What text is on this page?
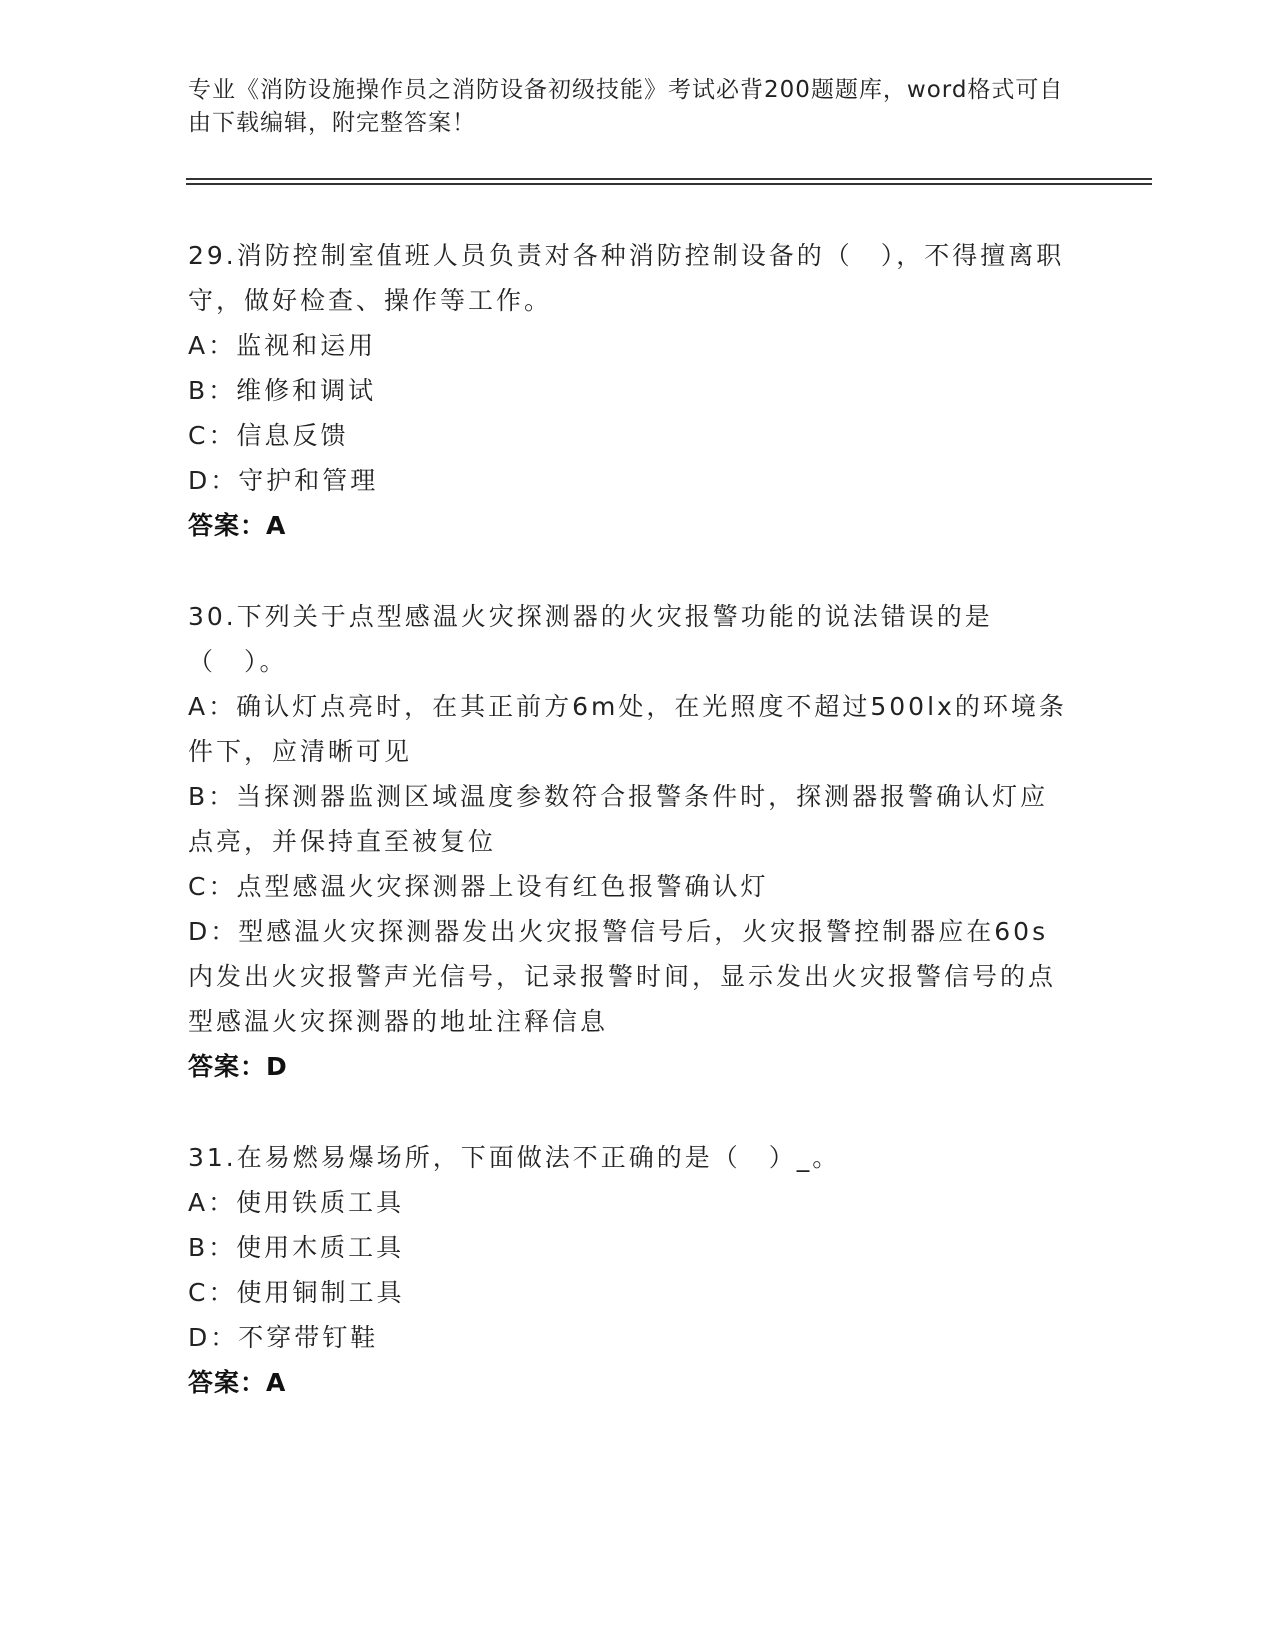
专业《消防设施操作员之消防设备初级技能》考试必背200题题库，word格式可自由下载编辑，附完整答案！
29.消防控制室值班人员负责对各种消防控制设备的（　），不得擅离职守，做好检查、操作等工作。
A：监视和运用
B：维修和调试
C：信息反馈
D：守护和管理
答案：A
30.下列关于点型感温火灾探测器的火灾报警功能的说法错误的是（　）。
A：确认灯点亮时，在其正前方6m处，在光照度不超过500lx的环境条件下，应清晰可见
B：当探测器监测区域温度参数符合报警条件时，探测器报警确认灯应点亮，并保持直至被复位
C：点型感温火灾探测器上设有红色报警确认灯
D：型感温火灾探测器发出火灾报警信号后，火灾报警控制器应在60s内发出火灾报警声光信号，记录报警时间，显示发出火灾报警信号的点型感温火灾探测器的地址注释信息
答案：D
31.在易燃易爆场所，下面做法不正确的是（　）_。
A：使用铁质工具
B：使用木质工具
C：使用铜制工具
D：不穿带钉鞋
答案：A
